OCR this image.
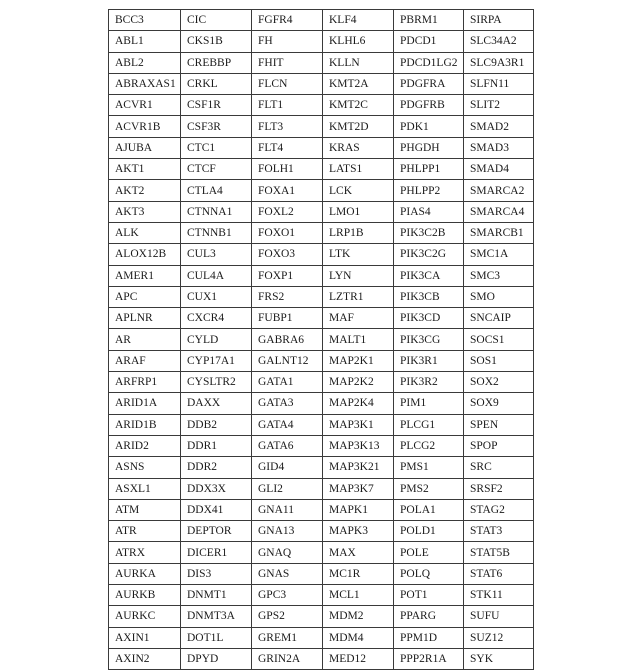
BCC3	CIC	FGFR4	KLF4	PBRM1	SIRPA
ABL1	CKS1B	FH	KLHL6	PDCD1	SLC34A2
ABL2	CREBBP	FHIT	KLLN	PDCD1LG2	SLC9A3R1
ABRAXAS1	CRKL	FLCN	KMT2A	PDGFRA	SLFN11
ACVR1	CSF1R	FLT1	KMT2C	PDGFRB	SLIT2
ACVR1B	CSF3R	FLT3	KMT2D	PDK1	SMAD2
AJUBA	CTC1	FLT4	KRAS	PHGDH	SMAD3
AKT1	CTCF	FOLH1	LATS1	PHLPP1	SMAD4
AKT2	CTLA4	FOXA1	LCK	PHLPP2	SMARCA2
AKT3	CTNNA1	FOXL2	LMO1	PIAS4	SMARCA4
ALK	CTNNB1	FOXO1	LRP1B	PIK3C2B	SMARCB1
ALOX12B	CUL3	FOXO3	LTK	PIK3C2G	SMC1A
AMER1	CUL4A	FOXP1	LYN	PIK3CA	SMC3
APC	CUX1	FRS2	LZTR1	PIK3CB	SMO
APLNR	CXCR4	FUBP1	MAF	PIK3CD	SNCAIP
AR	CYLD	GABRA6	MALT1	PIK3CG	SOCS1
ARAF	CYP17A1	GALNT12	MAP2K1	PIK3R1	SOS1
ARFRP1	CYSLTR2	GATA1	MAP2K2	PIK3R2	SOX2
ARID1A	DAXX	GATA3	MAP2K4	PIM1	SOX9
ARID1B	DDB2	GATA4	MAP3K1	PLCG1	SPEN
ARID2	DDR1	GATA6	MAP3K13	PLCG2	SPOP
ASNS	DDR2	GID4	MAP3K21	PMS1	SRC
ASXL1	DDX3X	GLI2	MAP3K7	PMS2	SRSF2
ATM	DDX41	GNA11	MAPK1	POLA1	STAG2
ATR	DEPTOR	GNA13	MAPK3	POLD1	STAT3
ATRX	DICER1	GNAQ	MAX	POLE	STAT5B
AURKA	DIS3	GNAS	MC1R	POLQ	STAT6
AURKB	DNMT1	GPC3	MCL1	POT1	STK11
AURKC	DNMT3A	GPS2	MDM2	PPARG	SUFU
AXIN1	DOT1L	GREM1	MDM4	PPM1D	SUZ12
AXIN2	DPYD	GRIN2A	MED12	PPP2R1A	SYK
